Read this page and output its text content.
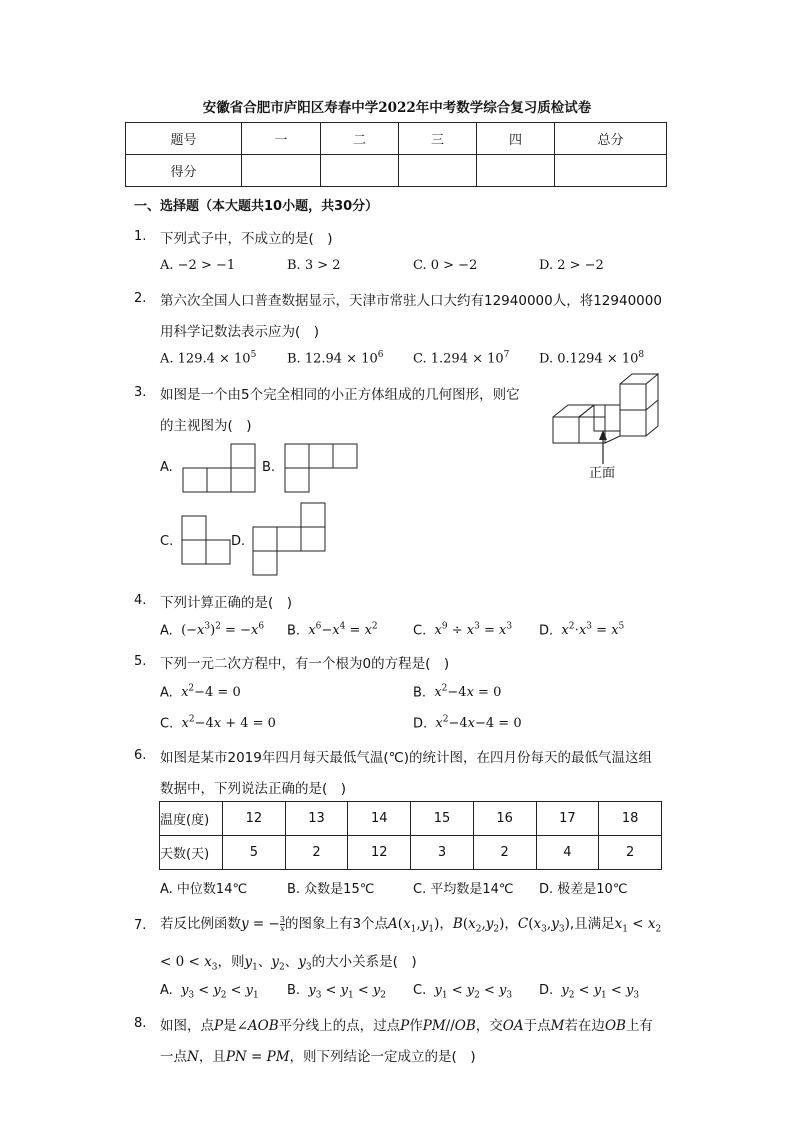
安徽省合肥市庐阳区寿春中学2022年中考数学综合复习质检试卷
题号	一	二	三	四	总分
得分					
一、选择题（本大题共10小题，共30分）
1. 下列式子中，不成立的是( )
A. −2 > −1	B. 3 > 2	C. 0 > −2	D. 2 > −2
2. 第六次全国人口普查数据显示，天津市常驻人口大约有12940000人，将12940000
用科学记数法表示应为( )
A. $129.4 \times 10^5$ B. $12.94 \times 10^6$ C. $1.294 \times 10^7$ D. $0.1294 \times 10^8$
3. 如图是一个由5个完全相同的小正方体组成的几何图形，则它
的主视图为( )
正面
A.	B.
C.	D.
4. 下列计算正确的是( )
A.  $(-x^3)^2 = -x^6$ B.  $x^6-x^4 = x^2$	C.  $x^9 \div x^3 = x^3$ D.  $x^2\cdot x^3 = x^5$
5. 下列一元二次方程中，有一个根为0的方程是( )
A.  $x^2-4 = 0$	B.  $x^2-4x = 0$
C.  $x^2-4x + 4 = 0$	D.  $x^2-4x-4 = 0$
6. 如图是某市2019年四月每天最低气温(℃)的统计图，在四月份每天的最低气温这组
数据中，下列说法正确的是( )
温度(度)	12	13	14	15	16	17	18
天数(天)	5	2	12	3	2	4	2
A. 中位数14℃	B. 众数是15℃	C. 平均数是14℃ D. 极差是10℃
7. 若反比例函数y = − $\frac{3}{x}$ 的图象上有3个点$A(x_1,y_1)$，$B(x_2,y_2)$，$C(x_3,y_3)$,且满足$x_1 < x_2$
< $0 < x_3$，则$y_1$、$y_2$、$y_3$的大小关系是( )
A.  $y_3 < y_2 < y_1$ B.  $y_3 < y_1 < y_2$ C.  $y_1 < y_2 < y_3$ D.  $y_2 < y_1 < y_3$
8. 如图，点P是∠AOB平分线上的点，过点P作PM//OB，交OA于点M若在边OB上有
一点N，且PN = PM，则下列结论一定成立的是( )
